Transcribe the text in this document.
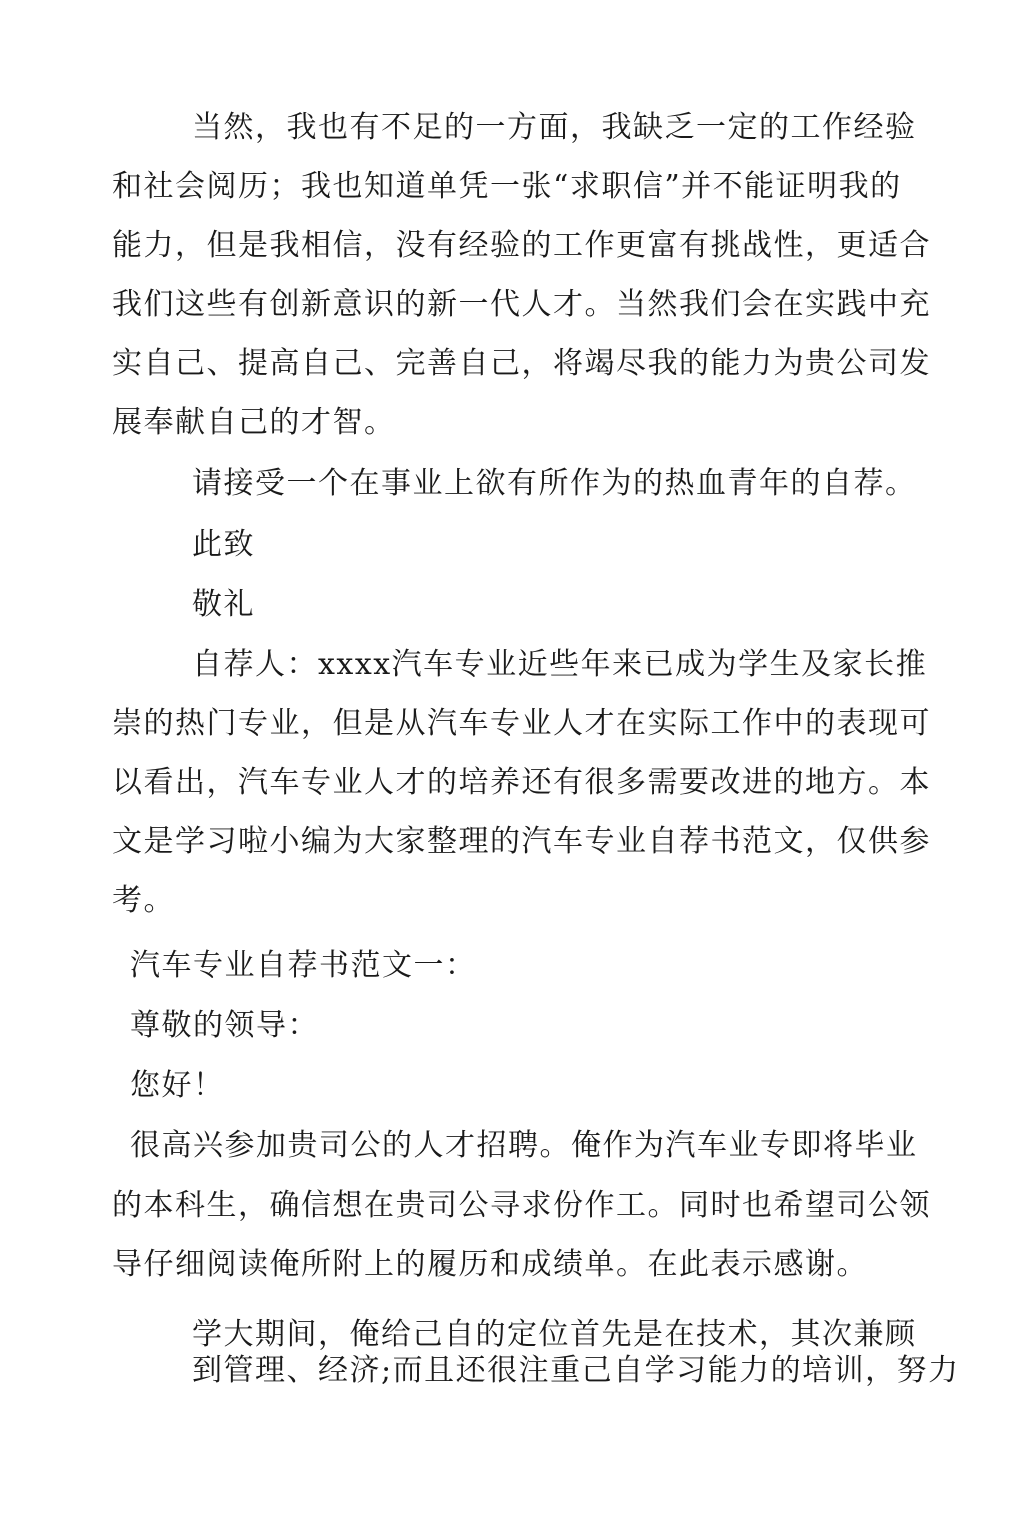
当然，我也有不足的一方面，我缺乏一定的工作经验
和社会阅历；我也知道单凭一张“求职信”并不能证明我的
能力，但是我相信，没有经验的工作更富有挑战性，更适合
我们这些有创新意识的新一代人才。当然我们会在实践中充
实自己、提高自己、完善自己，将竭尽我的能力为贵公司发
展奉献自己的才智。
请接受一个在事业上欲有所作为的热血青年的自荐。
此致
敬礼
自荐人：xxxx汽车专业近些年来已成为学生及家长推
崇的热门专业，但是从汽车专业人才在实际工作中的表现可
以看出，汽车专业人才的培养还有很多需要改进的地方。本
文是学习啦小编为大家整理的汽车专业自荐书范文，仅供参
考。
汽车专业自荐书范文一：
尊敬的领导：
您好！
很高兴参加贵司公的人才招聘。俺作为汽车业专即将毕业
的本科生，确信想在贵司公寻求份作工。同时也希望司公领
导仔细阅读俺所附上的履历和成绩单。在此表示感谢。
学大期间，俺给己自的定位首先是在技术，其次兼顾
到管理、经济;而且还很注重己自学习能力的培训，努力
